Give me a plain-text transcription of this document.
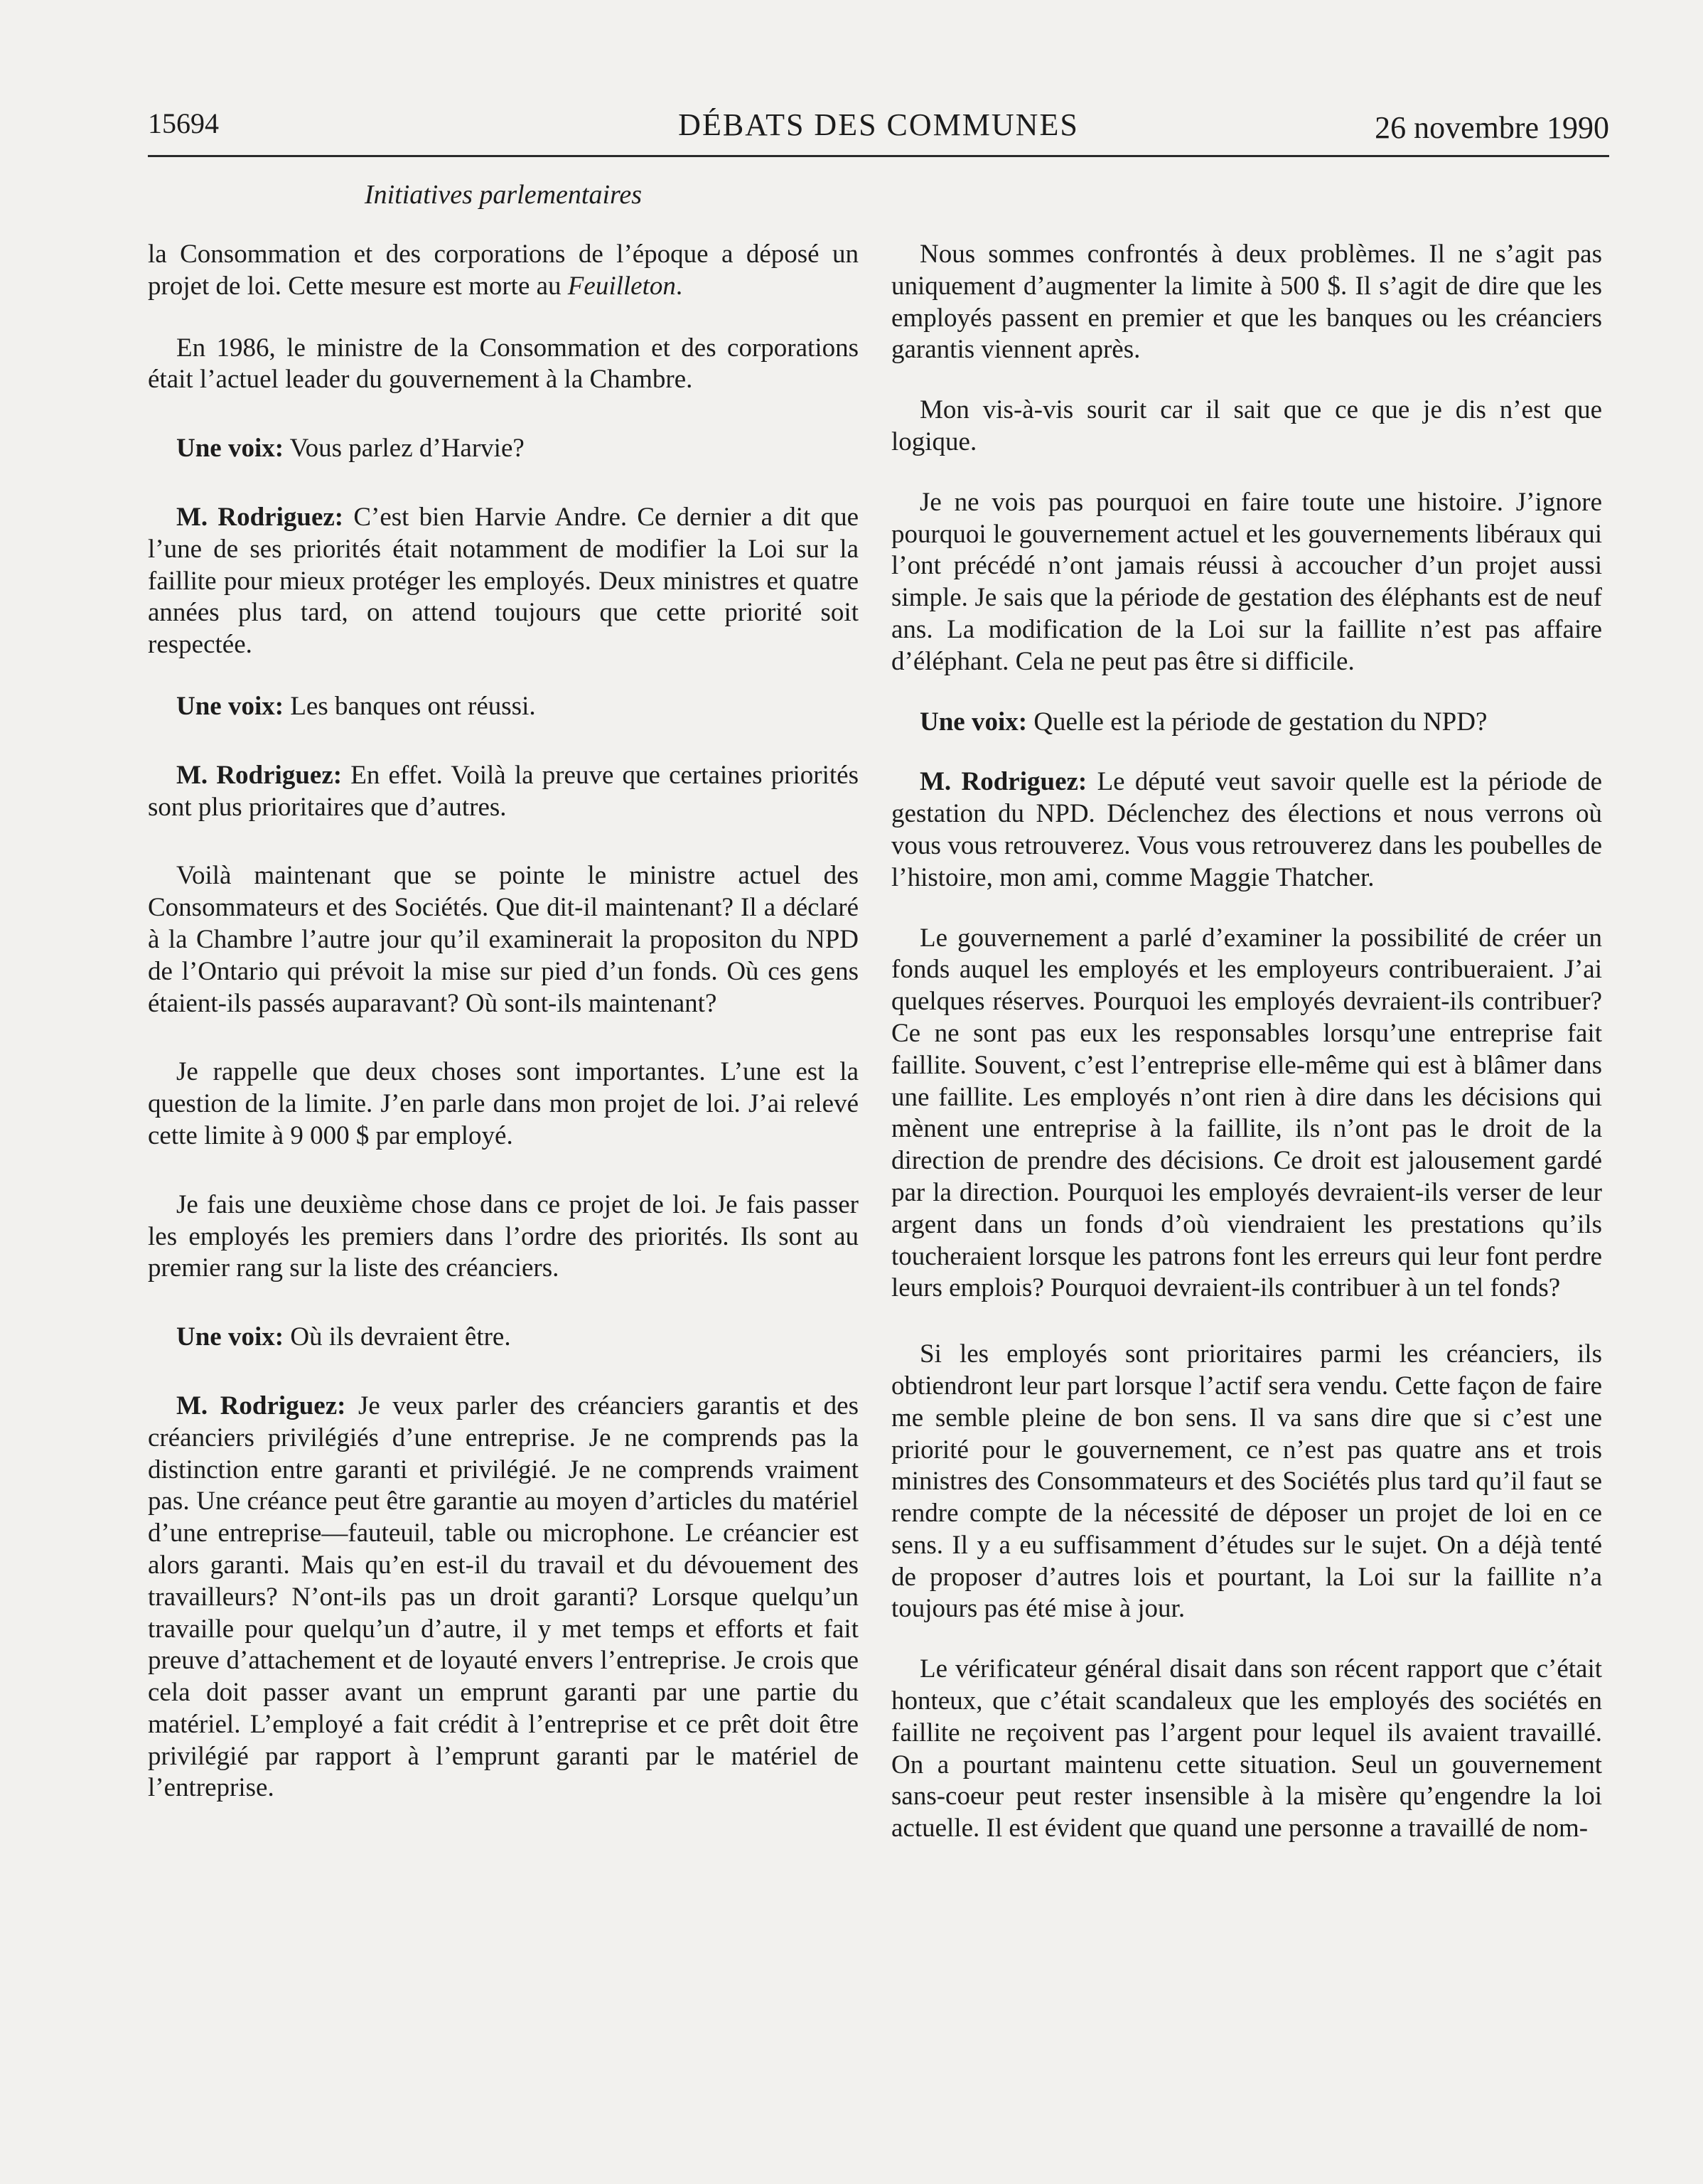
15694	DÉBATS DES COMMUNES	26 novembre 1990
Initiatives parlementaires

la Consommation et des corporations de l’époque a déposé un projet de loi. Cette mesure est morte au Feuilleton.

En 1986, le ministre de la Consommation et des corporations était l’actuel leader du gouvernement à la Chambre.

Une voix: Vous parlez d’Harvie?

M. Rodriguez: C’est bien Harvie Andre. Ce dernier a dit que l’une de ses priorités était notamment de modifier la Loi sur la faillite pour mieux protéger les employés. Deux ministres et quatre années plus tard, on attend toujours que cette priorité soit respectée.

Une voix: Les banques ont réussi.

M. Rodriguez: En effet. Voilà la preuve que certaines priorités sont plus prioritaires que d’autres.

Voilà maintenant que se pointe le ministre actuel des Consommateurs et des Sociétés. Que dit-il maintenant? Il a déclaré à la Chambre l’autre jour qu’il examinerait la propositon du NPD de l’Ontario qui prévoit la mise sur pied d’un fonds. Où ces gens étaient-ils passés auparavant? Où sont-ils maintenant?

Je rappelle que deux choses sont importantes. L’une est la question de la limite. J’en parle dans mon projet de loi. J’ai relevé cette limite à 9 000 $ par employé.

Je fais une deuxième chose dans ce projet de loi. Je fais passer les employés les premiers dans l’ordre des priorités. Ils sont au premier rang sur la liste des créanciers.

Une voix: Où ils devraient être.

M. Rodriguez: Je veux parler des créanciers garantis et des créanciers privilégiés d’une entreprise. Je ne comprends pas la distinction entre garanti et privilégié. Je ne comprends vraiment pas. Une créance peut être garantie au moyen d’articles du matériel d’une entreprise—fauteuil, table ou microphone. Le créancier est alors garanti. Mais qu’en est-il du travail et du dévouement des travailleurs? N’ont-ils pas un droit garanti? Lorsque quelqu’un travaille pour quelqu’un d’autre, il y met temps et efforts et fait preuve d’attachement et de loyauté envers l’entreprise. Je crois que cela doit passer avant un emprunt garanti par une partie du matériel. L’employé a fait crédit à l’entreprise et ce prêt doit être privilégié par rapport à l’emprunt garanti par le matériel de l’entreprise.

Nous sommes confrontés à deux problèmes. Il ne s’agit pas uniquement d’augmenter la limite à 500 $. Il s’agit de dire que les employés passent en premier et que les banques ou les créanciers garantis viennent après.

Mon vis-à-vis sourit car il sait que ce que je dis n’est que logique.

Je ne vois pas pourquoi en faire toute une histoire. J’ignore pourquoi le gouvernement actuel et les gouvernements libéraux qui l’ont précédé n’ont jamais réussi à accoucher d’un projet aussi simple. Je sais que la période de gestation des éléphants est de neuf ans. La modification de la Loi sur la faillite n’est pas affaire d’éléphant. Cela ne peut pas être si difficile.

Une voix: Quelle est la période de gestation du NPD?

M. Rodriguez: Le député veut savoir quelle est la période de gestation du NPD. Déclenchez des élections et nous verrons où vous vous retrouverez. Vous vous retrouverez dans les poubelles de l’histoire, mon ami, comme Maggie Thatcher.

Le gouvernement a parlé d’examiner la possibilité de créer un fonds auquel les employés et les employeurs contribueraient. J’ai quelques réserves. Pourquoi les employés devraient-ils contribuer? Ce ne sont pas eux les responsables lorsqu’une entreprise fait faillite. Souvent, c’est l’entreprise elle-même qui est à blâmer dans une faillite. Les employés n’ont rien à dire dans les décisions qui mènent une entreprise à la faillite, ils n’ont pas le droit de la direction de prendre des décisions. Ce droit est jalousement gardé par la direction. Pourquoi les employés devraient-ils verser de leur argent dans un fonds d’où viendraient les prestations qu’ils toucheraient lorsque les patrons font les erreurs qui leur font perdre leurs emplois? Pourquoi devraient-ils contribuer à un tel fonds?

Si les employés sont prioritaires parmi les créanciers, ils obtiendront leur part lorsque l’actif sera vendu. Cette façon de faire me semble pleine de bon sens. Il va sans dire que si c’est une priorité pour le gouvernement, ce n’est pas quatre ans et trois ministres des Consommateurs et des Sociétés plus tard qu’il faut se rendre compte de la nécessité de déposer un projet de loi en ce sens. Il y a eu suffisamment d’études sur le sujet. On a déjà tenté de proposer d’autres lois et pourtant, la Loi sur la faillite n’a toujours pas été mise à jour.

Le vérificateur général disait dans son récent rapport que c’était honteux, que c’était scandaleux que les employés des sociétés en faillite ne reçoivent pas l’argent pour lequel ils avaient travaillé. On a pourtant maintenu cette situation. Seul un gouvernement sans-coeur peut rester insensible à la misère qu’engendre la loi actuelle. Il est évident que quand une personne a travaillé de nom-
